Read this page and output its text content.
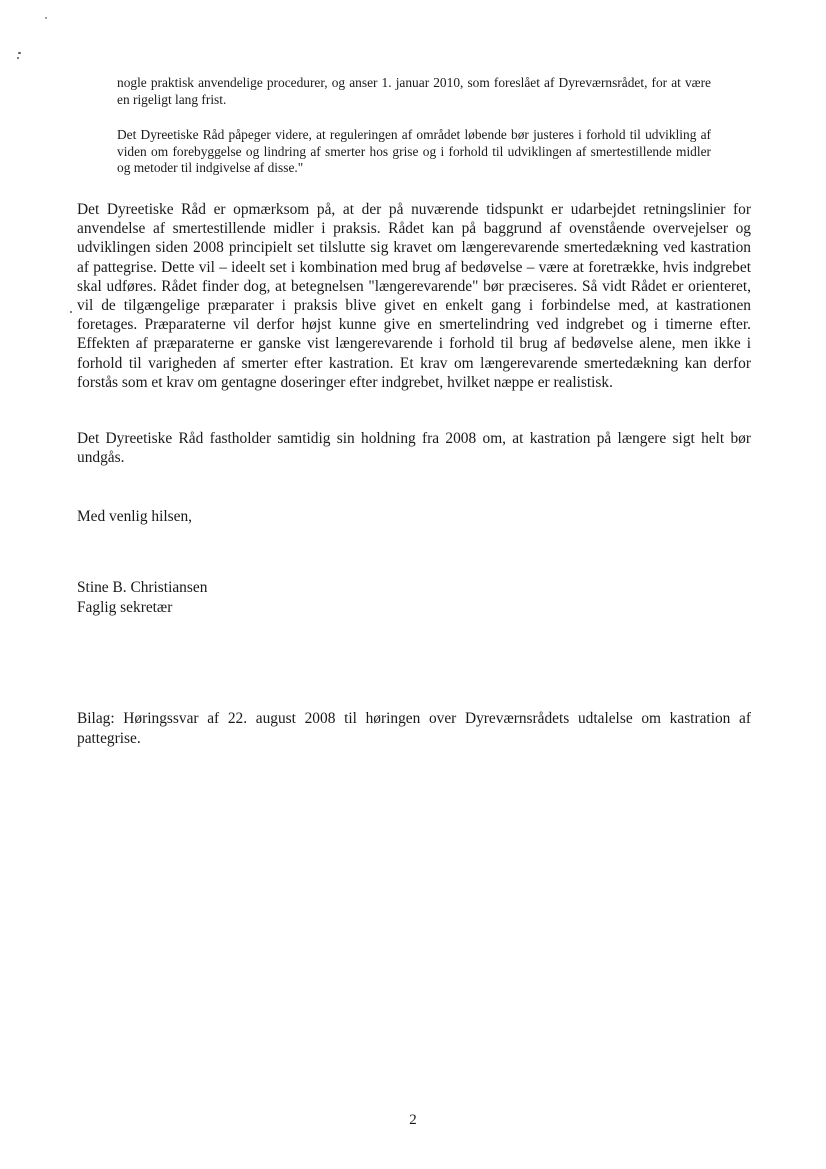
nogle praktisk anvendelige procedurer, og anser 1. januar 2010, som foreslået af Dyreværnsrådet, for at være en rigeligt lang frist.

Det Dyreetiske Råd påpeger videre, at reguleringen af området løbende bør justeres i forhold til udvikling af viden om forebyggelse og lindring af smerter hos grise og i forhold til udviklingen af smertestillende midler og metoder til indgivelse af disse."

Det Dyreetiske Råd er opmærksom på, at der på nuværende tidspunkt er udarbejdet retningslinier for anvendelse af smertestillende midler i praksis. Rådet kan på baggrund af ovenstående overvejelser og udviklingen siden 2008 principielt set tilslutte sig kravet om længerevarende smertedækning ved kastration af pattegrise. Dette vil – ideelt set i kombination med brug af bedøvelse – være at foretrække, hvis indgrebet skal udføres. Rådet finder dog, at betegnelsen "længerevarende" bør præciseres. Så vidt Rådet er orienteret, vil de tilgængelige præparater i praksis blive givet en enkelt gang i forbindelse med, at kastrationen foretages. Præparaterne vil derfor højst kunne give en smertelindring ved indgrebet og i timerne efter. Effekten af præparaterne er ganske vist længerevarende i forhold til brug af bedøvelse alene, men ikke i forhold til varigheden af smerter efter kastration. Et krav om længerevarende smertedækning kan derfor forstås som et krav om gentagne doseringer efter indgrebet, hvilket næppe er realistisk.

Det Dyreetiske Råd fastholder samtidig sin holdning fra 2008 om, at kastration på længere sigt helt bør undgås.

Med venlig hilsen,

Stine B. Christiansen
Faglig sekretær

Bilag: Høringssvar af 22. august 2008 til høringen over Dyreværnsrådets udtalelse om kastration af pattegrise.

2
